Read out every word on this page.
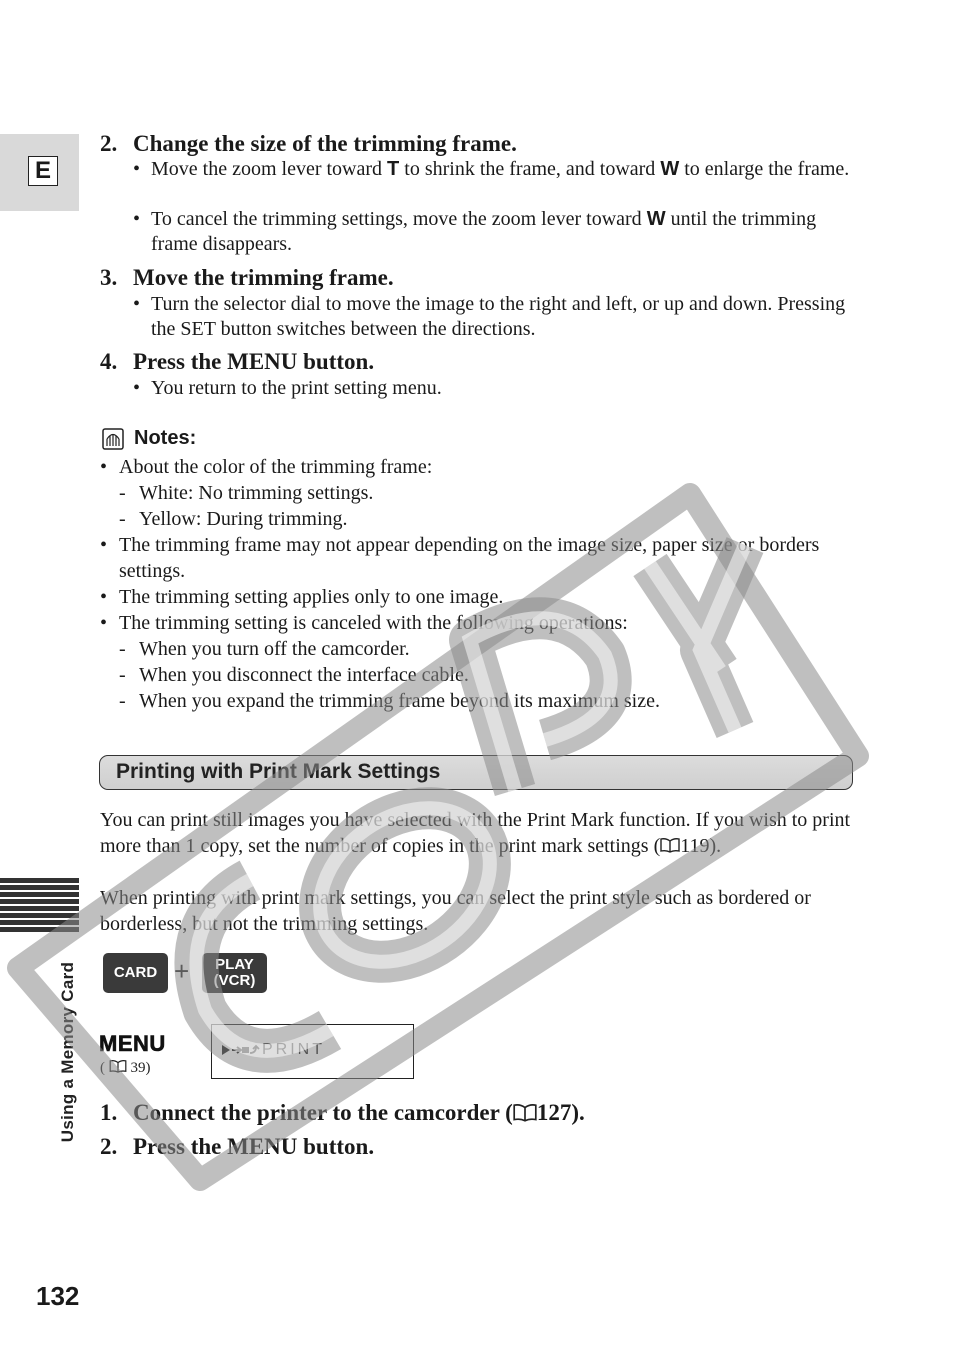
E
Using a Memory Card
2. Change the size of the trimming frame.
• Move the zoom lever toward T to shrink the frame, and toward W to enlarge the frame.
• To cancel the trimming settings, move the zoom lever toward W until the trimming frame disappears.
3. Move the trimming frame.
• Turn the selector dial to move the image to the right and left, or up and down. Pressing the SET button switches between the directions.
4. Press the MENU button.
• You return to the print setting menu.
Notes:
• About the color of the trimming frame:
- White: No trimming settings.
- Yellow: During trimming.
• The trimming frame may not appear depending on the image size, paper size or borders settings.
• The trimming setting applies only to one image.
• The trimming setting is canceled with the following operations:
- When you turn off the camcorder.
- When you disconnect the interface cable.
- When you expand the trimming frame beyond its maximum size.
Printing with Print Mark Settings
You can print still images you have selected with the Print Mark function. If you wish to print more than 1 copy, set the number of copies in the print mark settings ( 119).
When printing with print mark settings, you can select the print style such as bordered or borderless, but not the trimming settings.
CARD +	PLAY
(VCR)
MENU
(  39)
PRINT
1. Connect the printer to the camcorder ( 127).
2. Press the MENU button.
132
